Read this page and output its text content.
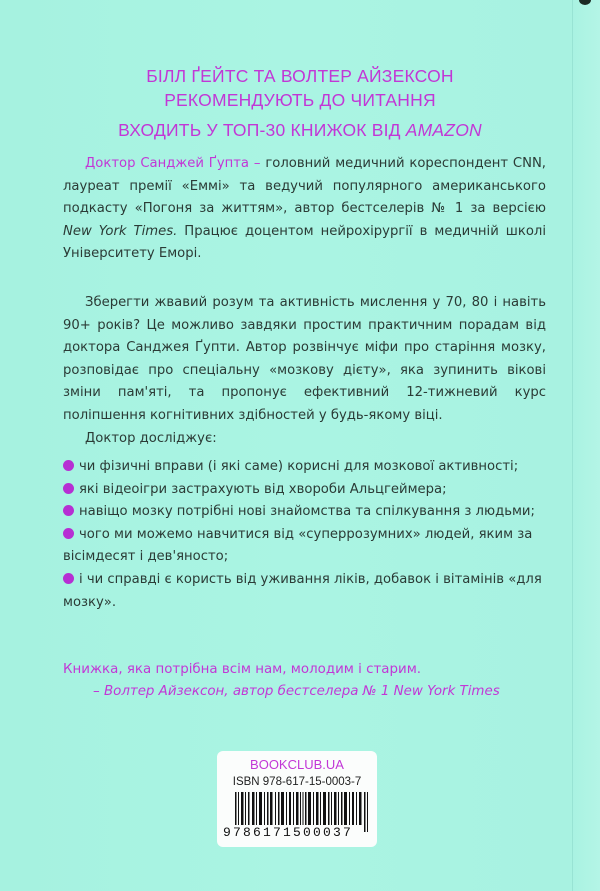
БІЛЛ ҐЕЙТС ТА ВОЛТЕР АЙЗЕКСОН
РЕКОМЕНДУЮТЬ ДО ЧИТАННЯ
ВХОДИТЬ У ТОП-30 КНИЖОК ВІД AMAZON
Доктор Санджей Ґупта – головний медичний кореспондент CNN, лауреат премії «Еммі» та ведучий популярного американського подкасту «Погоня за життям», автор бестселерів № 1 за версією New York Times. Працює доцентом нейрохірургії в медичній школі Університету Еморі.
Зберегти жвавий розум та активність мислення у 70, 80 і навіть 90+ років? Це можливо завдяки простим практичним порадам від доктора Санджея Ґупти. Автор розвінчує міфи про старіння мозку, розповідає про спеціальну «мозкову дієту», яка зупинить вікові зміни пам'яті, та пропонує ефективний 12-тижневий курс поліпшення когнітивних здібностей у будь-якому віці.
Доктор досліджує:
чи фізичні вправи (і які саме) корисні для мозкової активності;
які відеоігри застрахують від хвороби Альцгеймера;
навіщо мозку потрібні нові знайомства та спілкування з людьми;
чого ми можемо навчитися від «суперрозумних» людей, яким за вісімдесят і дев'яносто;
і чи справді є користь від уживання ліків, добавок і вітамінів «для мозку».
Книжка, яка потрібна всім нам, молодим і старим.
– Волтер Айзексон, автор бестселера № 1 New York Times
BOOKCLUB.UA
ISBN 978-617-15-0003-7
9786171500037
